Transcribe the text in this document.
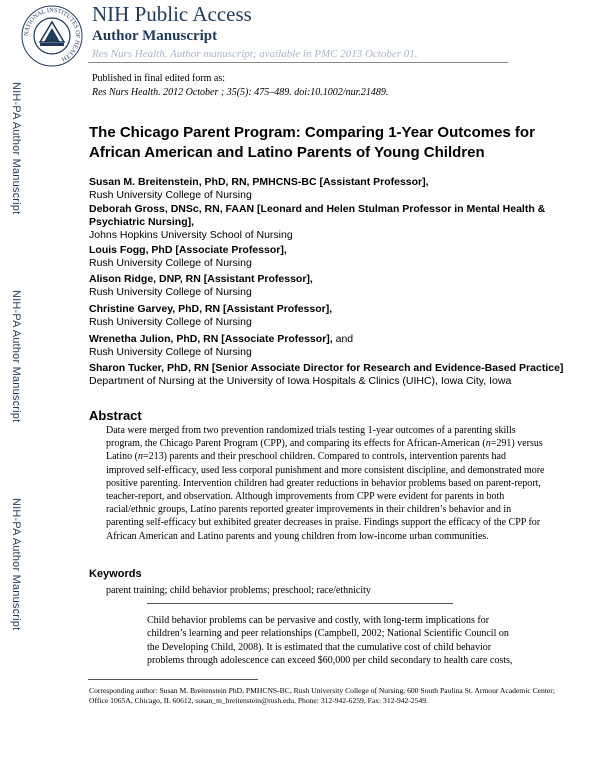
NATIONAL INSTITUTES OF HEALTH
NIH Public Access
Author Manuscript
Res Nurs Health. Author manuscript; available in PMC 2013 October 01.
Published in final edited form as:
Res Nurs Health. 2012 October ; 35(5): 475–489. doi:10.1002/nur.21489.
NIH-PA Author Manuscript
NIH-PA Author Manuscript
NIH-PA Author Manuscript
The Chicago Parent Program: Comparing 1-Year Outcomes for
African American and Latino Parents of Young Children
Susan M. Breitenstein, PhD, RN, PMHCNS-BC [Assistant Professor],
Rush University College of Nursing
Deborah Gross, DNSc, RN, FAAN [Leonard and Helen Stulman Professor in Mental Health & Psychiatric Nursing],
Johns Hopkins University School of Nursing
Louis Fogg, PhD [Associate Professor],
Rush University College of Nursing
Alison Ridge, DNP, RN [Assistant Professor],
Rush University College of Nursing
Christine Garvey, PhD, RN [Assistant Professor],
Rush University College of Nursing
Wrenetha Julion, PhD, RN [Associate Professor], and
Rush University College of Nursing
Sharon Tucker, PhD, RN [Senior Associate Director for Research and Evidence-Based Practice]
Department of Nursing at the University of Iowa Hospitals & Clinics (UIHC), Iowa City, Iowa
Abstract
Data were merged from two prevention randomized trials testing 1-year outcomes of a parenting skills program, the Chicago Parent Program (CPP), and comparing its effects for African-American (n=291) versus Latino (n=213) parents and their preschool children. Compared to controls, intervention parents had improved self-efficacy, used less corporal punishment and more consistent discipline, and demonstrated more positive parenting. Intervention children had greater reductions in behavior problems based on parent-report, teacher-report, and observation. Although improvements from CPP were evident for parents in both racial/ethnic groups, Latino parents reported greater improvements in their children’s behavior and in parenting self-efficacy but exhibited greater decreases in praise. Findings support the efficacy of the CPP for African American and Latino parents and young children from low-income urban communities.
Keywords
parent training; child behavior problems; preschool; race/ethnicity
Child behavior problems can be pervasive and costly, with long-term implications for children’s learning and peer relationships (Campbell, 2002; National Scientific Council on the Developing Child, 2008). It is estimated that the cumulative cost of child behavior problems through adolescence can exceed $60,000 per child secondary to health care costs,
Corresponding author: Susan M. Breitenstein PhD, PMHCNS-BC, Rush University College of Nursing, 600 South Paulina St. Armour Academic Center; Office 1065A, Chicago, IL 60612, susan_m_breitenstein@rush.edu, Phone: 312-942-6259, Fax: 312-942-2549.
